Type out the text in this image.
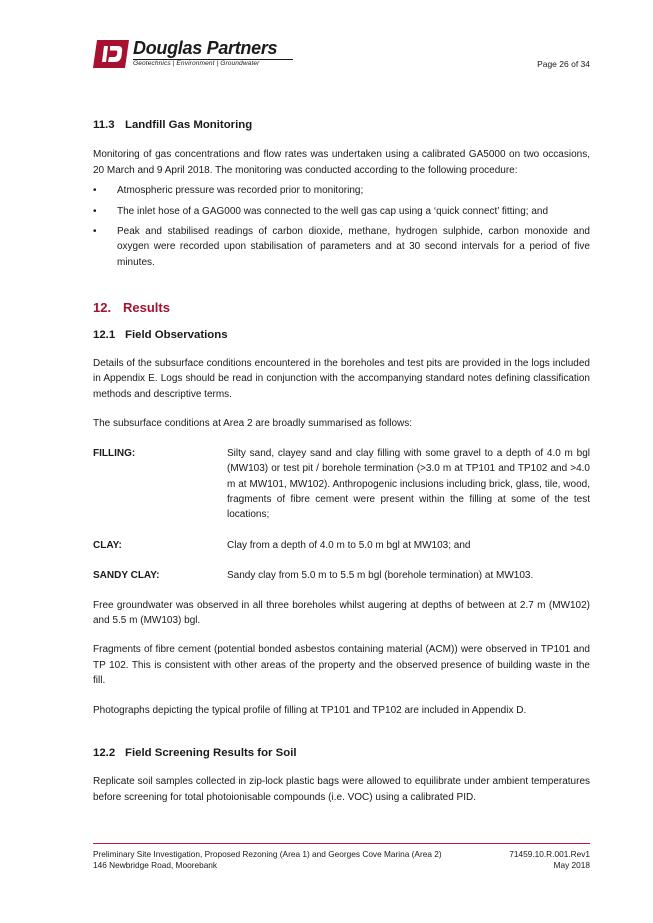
Douglas Partners
Geotechnics | Environment | Groundwater	Page 26 of 34
11.3 Landfill Gas Monitoring

Monitoring of gas concentrations and flow rates was undertaken using a calibrated GA5000 on two occasions, 20 March and 9 April 2018. The monitoring was conducted according to the following procedure:

• Atmospheric pressure was recorded prior to monitoring;
• The inlet hose of a GAG000 was connected to the well gas cap using a ‘quick connect’ fitting; and
• Peak and stabilised readings of carbon dioxide, methane, hydrogen sulphide, carbon monoxide and oxygen were recorded upon stabilisation of parameters and at 30 second intervals for a period of five minutes.
12. Results
12.1 Field Observations

Details of the subsurface conditions encountered in the boreholes and test pits are provided in the logs included in Appendix E. Logs should be read in conjunction with the accompanying standard notes defining classification methods and descriptive terms.

The subsurface conditions at Area 2 are broadly summarised as follows:

FILLING:	Silty sand, clayey sand and clay filling with some gravel to a depth of 4.0 m bgl (MW103) or test pit / borehole termination (>3.0 m at TP101 and TP102 and >4.0 m at MW101, MW102). Anthropogenic inclusions including brick, glass, tile, wood, fragments of fibre cement were present within the filling at some of the test locations;
CLAY:	Clay from a depth of 4.0 m to 5.0 m bgl at MW103; and
SANDY CLAY:	Sandy clay from 5.0 m to 5.5 m bgl (borehole termination) at MW103.

Free groundwater was observed in all three boreholes whilst augering at depths of between at 2.7 m (MW102) and 5.5 m (MW103) bgl.

Fragments of fibre cement (potential bonded asbestos containing material (ACM)) were observed in TP101 and TP 102. This is consistent with other areas of the property and the observed presence of building waste in the fill.

Photographs depicting the typical profile of filling at TP101 and TP102 are included in Appendix D.

12.2 Field Screening Results for Soil

Replicate soil samples collected in zip-lock plastic bags were allowed to equilibrate under ambient temperatures before screening for total photoionisable compounds (i.e. VOC) using a calibrated PID.

Preliminary Site Investigation, Proposed Rezoning (Area 1) and Georges Cove Marina (Area 2)
146 Newbridge Road, Moorebank
71459.10.R.001.Rev1
May 2018
